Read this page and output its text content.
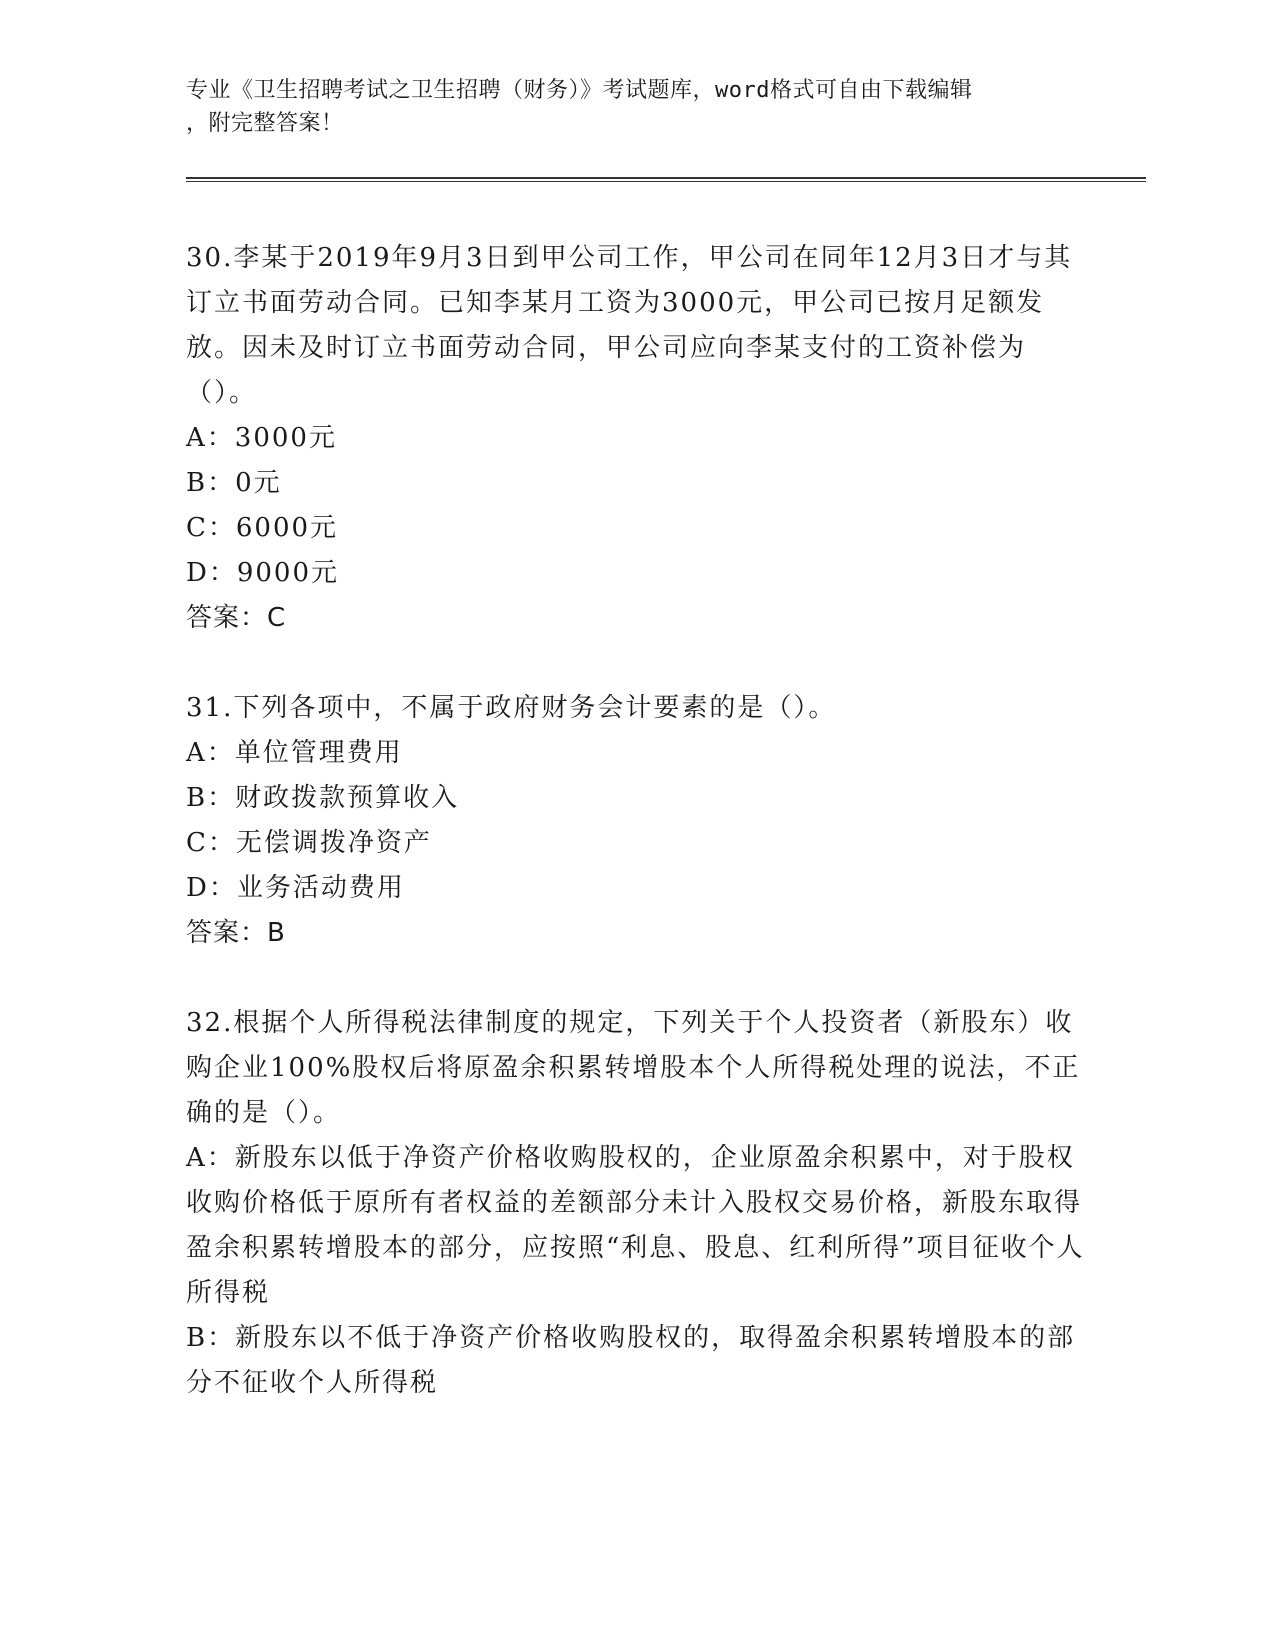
专业《卫生招聘考试之卫生招聘（财务）》考试题库，word格式可自由下载编辑
，附完整答案！

30.李某于2019年9月3日到甲公司工作，甲公司在同年12月3日才与其订立书面劳动合同。已知李某月工资为3000元，甲公司已按月足额发放。因未及时订立书面劳动合同，甲公司应向李某支付的工资补偿为（）。

A：3000元

B：0元

C：6000元

D：9000元

答案：C

31.下列各项中，不属于政府财务会计要素的是（）。

A：单位管理费用

B：财政拨款预算收入

C：无偿调拨净资产

D：业务活动费用

答案：B

32.根据个人所得税法律制度的规定，下列关于个人投资者（新股东）收购企业100%股权后将原盈余积累转增股本个人所得税处理的说法，不正确的是（）。

A：新股东以低于净资产价格收购股权的，企业原盈余积累中，对于股权收购价格低于原所有者权益的差额部分未计入股权交易价格，新股东取得盈余积累转增股本的部分，应按照“利息、股息、红利所得”项目征收个人所得税

B：新股东以不低于净资产价格收购股权的，取得盈余积累转增股本的部分不征收个人所得税
